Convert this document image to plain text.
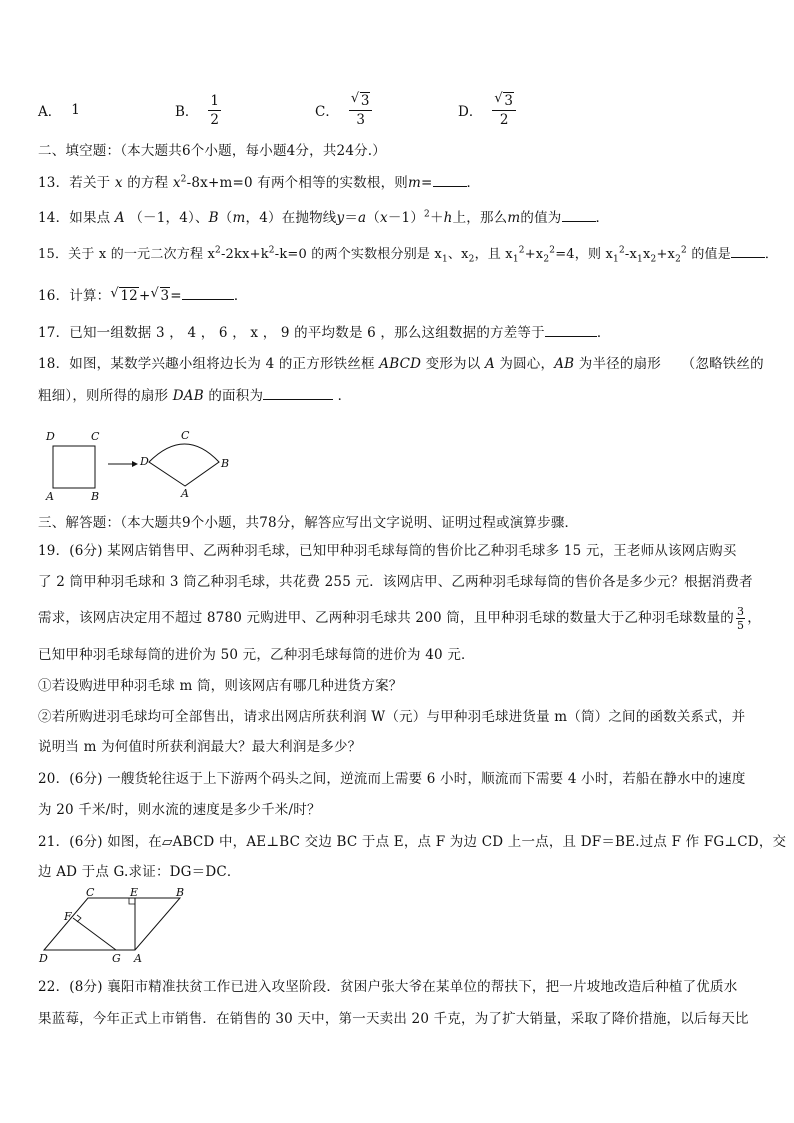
A． 1	B． $\frac{1}{2}$	C． $\frac{√ 3}{3}$	D． $\frac{√ 3}{2}$
二、填空题：（本大题共6个小题，每小题4分，共24分.）
13．若关于 x 的方程 $x^2-8x+m=0$ 有两个相等的实数根，则m=	．
14．如果点 A （－1，4）、B（m，4）在抛物线$y=a(x-1)^2+h$上，那么m的值为	．
15．关于 x 的一元二次方程 $x^2-2kx+k^2-k=0$ 的两个实数根分别是 $x_1$、$x_2$，且 $x_1^2+x_2^2=4$，则 $x_1^2-x_1x_2+x_2^2$ 的值是	．
16．计算： √ 12+ √ 3=	．
17．已知一组数据 3 ， 4 ， 6 ， x ， 9 的平均数是 6 ，那么这组数据的方差等于	．
18．如图，某数学兴趣小组将边长为 4 的正方形铁丝框 ABCD 变形为以 A 为圆心，AB 为半径的扇形　　（忽略铁丝的
粗细），则所得的扇形 DAB 的面积为	．
D	C
A	B
D
C
B
A
三、解答题：（本大题共9个小题，共78分，解答应写出文字说明、证明过程或演算步骤．
19．(6分) 某网店销售甲、乙两种羽毛球，已知甲种羽毛球每筒的售价比乙种羽毛球多 15 元，王老师从该网店购买
了 2 筒甲种羽毛球和 3 筒乙种羽毛球，共花费 255 元．该网店甲、乙两种羽毛球每筒的售价各是多少元？根据消费者
需求，该网店决定用不超过 8780 元购进甲、乙两种羽毛球共 200 筒，且甲种羽毛球的数量大于乙种羽毛球数量的 $\frac{3}{5}$ ，
已知甲种羽毛球每筒的进价为 50 元，乙种羽毛球每筒的进价为 40 元．
①若设购进甲种羽毛球 m 筒，则该网店有哪几种进货方案？
②若所购进羽毛球均可全部售出，请求出网店所获利润 W（元）与甲种羽毛球进货量 m（筒）之间的函数关系式，并
说明当 m 为何值时所获利润最大？最大利润是多少？
20．(6分) 一艘货轮往返于上下游两个码头之间，逆流而上需要 6 小时，顺流而下需要 4 小时，若船在静水中的速度
为 20 千米/时，则水流的速度是多少千米/时？
21．(6分) 如图，在▱ABCD 中，AE⊥BC 交边 BC 于点 E，点 F 为边 CD 上一点，且 DF＝BE.过点 F 作 FG⊥CD，交
边 AD 于点 G.求证：DG＝DC．
C	E	B
F
D	G A
22．(8分) 襄阳市精准扶贫工作已进入攻坚阶段．贫困户张大爷在某单位的帮扶下，把一片坡地改造后种植了优质水
果蓝莓，今年正式上市销售．在销售的 30 天中，第一天卖出 20 千克，为了扩大销量，采取了降价措施，以后每天比
